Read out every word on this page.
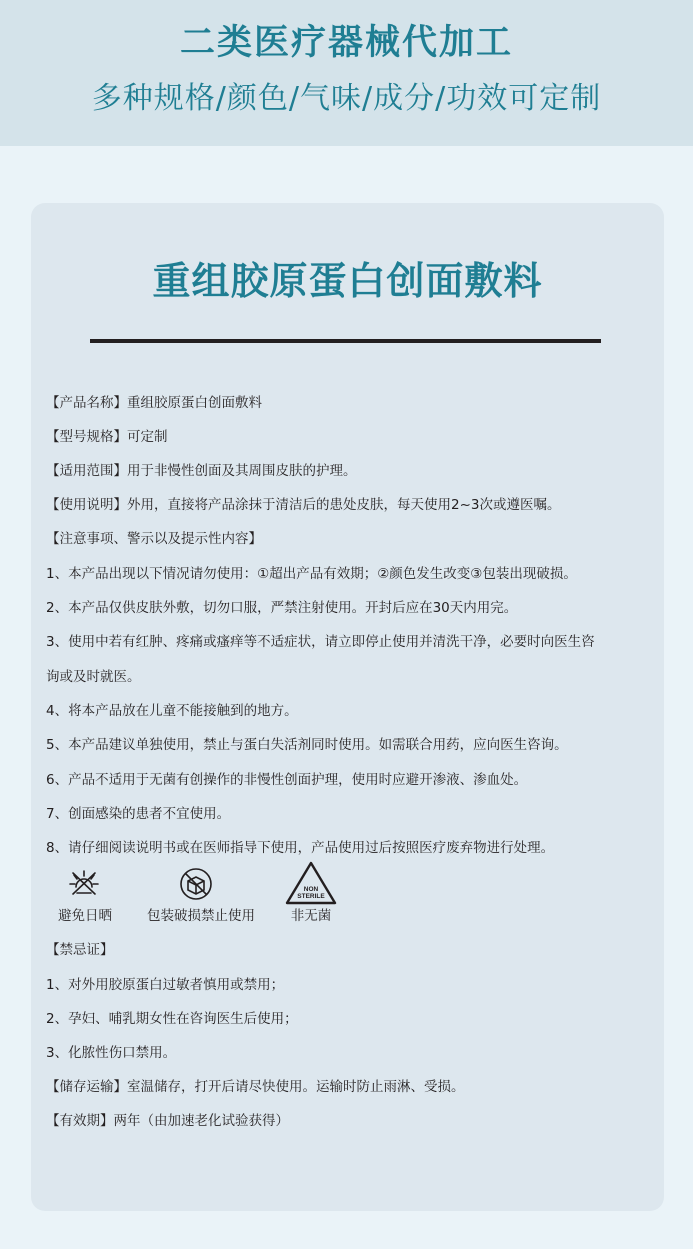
二类医疗器械代加工
多种规格/颜色/气味/成分/功效可定制
重组胶原蛋白创面敷料
【产品名称】重组胶原蛋白创面敷料
【型号规格】可定制
【适用范围】用于非慢性创面及其周围皮肤的护理。
【使用说明】外用，直接将产品涂抹于清洁后的患处皮肤，每天使用2~3次或遵医嘱。
【注意事项、警示以及提示性内容】
1、本产品出现以下情况请勿使用：①超出产品有效期；②颜色发生改变③包装出现破损。
2、本产品仅供皮肤外敷，切勿口服，严禁注射使用。开封后应在30天内用完。
3、使用中若有红肿、疼痛或瘙痒等不适症状，请立即停止使用并清洗干净，必要时向医生咨
询或及时就医。
4、将本产品放在儿童不能接触到的地方。
5、本产品建议单独使用，禁止与蛋白失活剂同时使用。如需联合用药，应向医生咨询。
6、产品不适用于无菌有创操作的非慢性创面护理，使用时应避开渗液、渗血处。
7、创面感染的患者不宜使用。
8、请仔细阅读说明书或在医师指导下使用，产品使用过后按照医疗废弃物进行处理。
避免日晒	包装破损禁止使用
NON
STERILE
非无菌
【禁忌证】
1、对外用胶原蛋白过敏者慎用或禁用；
2、孕妇、哺乳期女性在咨询医生后使用；
3、化脓性伤口禁用。
【储存运输】室温储存，打开后请尽快使用。运输时防止雨淋、受损。
【有效期】两年（由加速老化试验获得）
